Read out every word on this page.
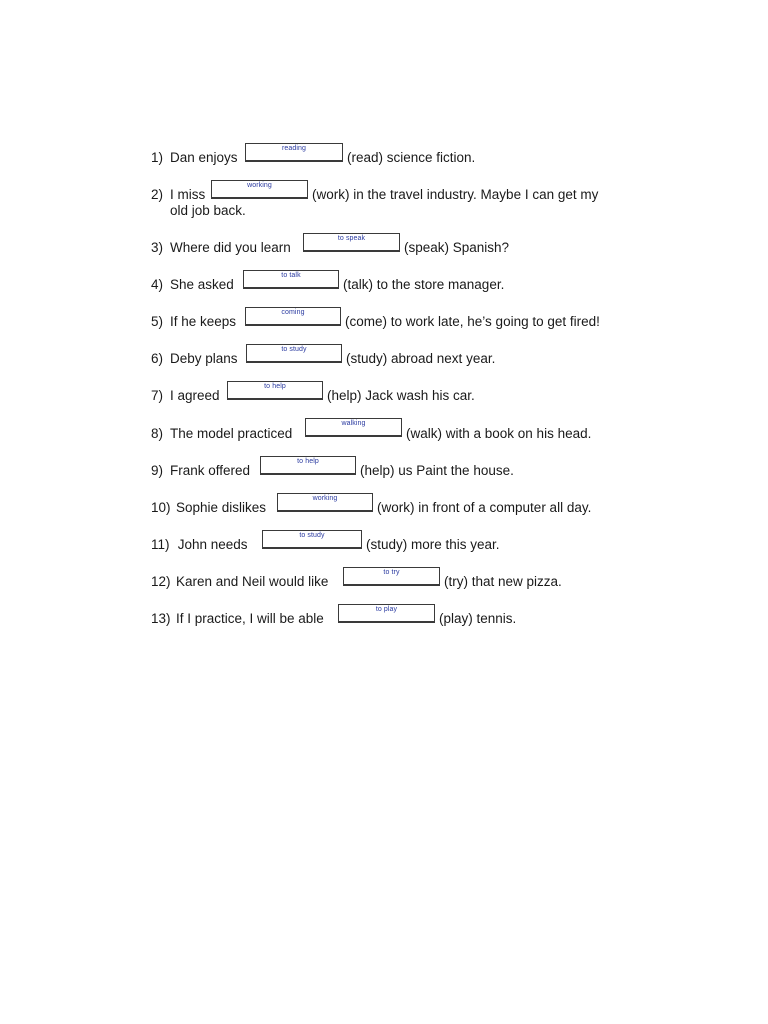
1) Dan enjoys
reading
(read) science fiction.
2) I miss
working
(work) in the travel industry. Maybe I can get my
old job back.
3) Where did you learn
to speak
(speak) Spanish?
4) She asked
to talk
(talk) to the store manager.
5) If he keeps
coming
(come) to work late, he’s going to get fired!
6) Deby plans
to study
(study) abroad next year.
7) I agreed
to help
(help) Jack wash his car.
8) The model practiced
walking
(walk) with a book on his head.
9) Frank offered
to help
(help) us Paint the house.
10) Sophie dislikes
working
(work) in front of a computer all day.
11) John needs
to study
(study) more this year.
12) Karen and Neil would like
to try
(try) that new pizza.
13) If I practice, I will be able
to play
(play) tennis.
